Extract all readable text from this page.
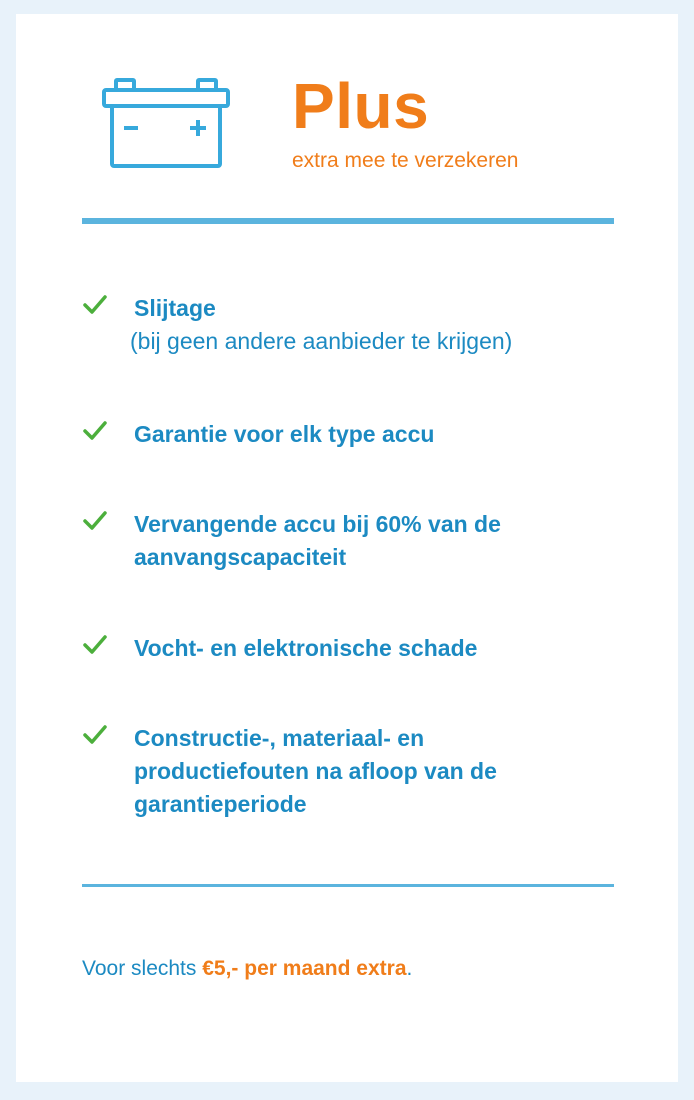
Plus
extra mee te verzekeren
Slijtage
(bij geen andere aanbieder te krijgen)
Garantie voor elk type accu
Vervangende accu bij 60% van de aanvangscapaciteit
Vocht- en elektronische schade
Constructie-, materiaal- en productiefouten na afloop van de garantieperiode
Voor slechts €5,- per maand extra.
